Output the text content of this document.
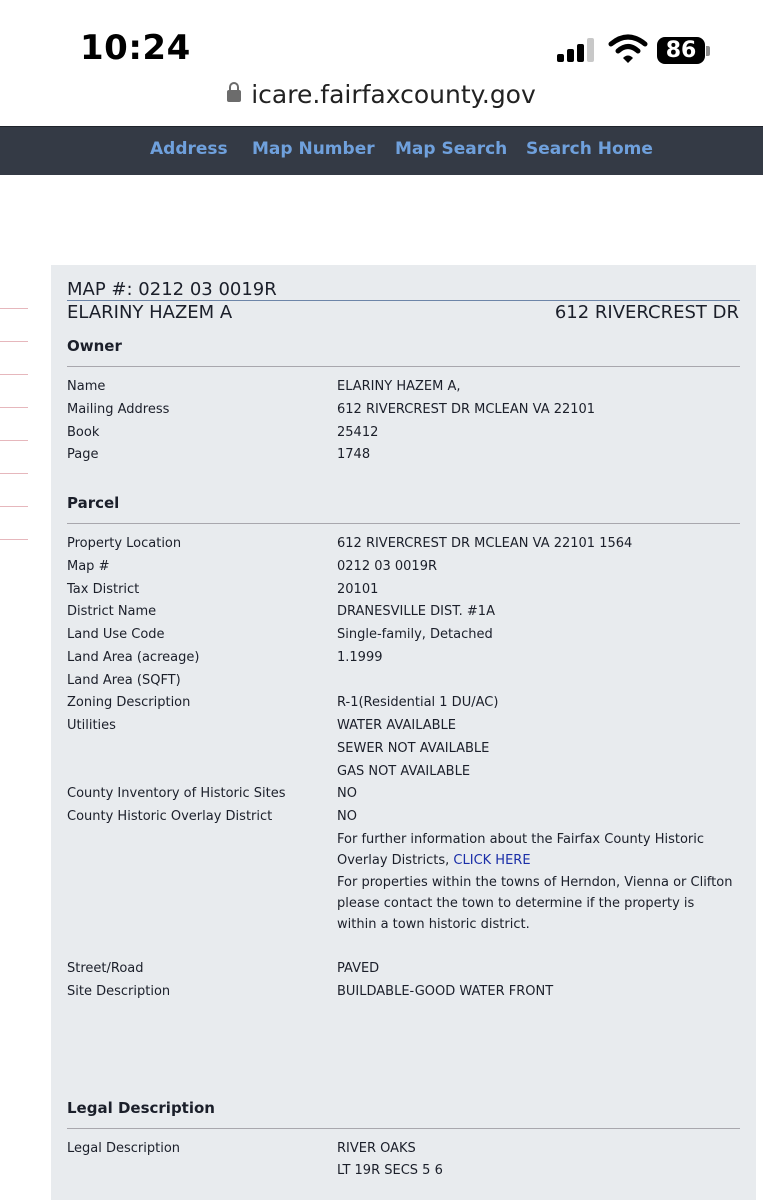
10:24	86
icare.fairfaxcounty.gov
Address Map Number Map Search Search Home
MAP #: 0212 03 0019R
ELARINY HAZEM A	612 RIVERCREST DR
Owner
Name	ELARINY HAZEM A,
Mailing Address	612 RIVERCREST DR MCLEAN VA 22101
Book	25412
Page	1748
Parcel
Property Location	612 RIVERCREST DR MCLEAN VA 22101 1564
Map #	0212 03 0019R
Tax District	20101
District Name	DRANESVILLE DIST. #1A
Land Use Code	Single-family, Detached
Land Area (acreage)	1.1999
Land Area (SQFT)
Zoning Description	R-1(Residential 1 DU/AC)
Utilities	WATER AVAILABLE
SEWER NOT AVAILABLE
GAS NOT AVAILABLE
County Inventory of Historic Sites	NO
County Historic Overlay District	NO
For further information about the Fairfax County Historic Overlay Districts, CLICK HERE
For properties within the towns of Herndon, Vienna or Clifton please contact the town to determine if the property is within a town historic district.
Street/Road	PAVED
Site Description	BUILDABLE-GOOD WATER FRONT
Legal Description
Legal Description	RIVER OAKS
LT 19R SECS 5 6
